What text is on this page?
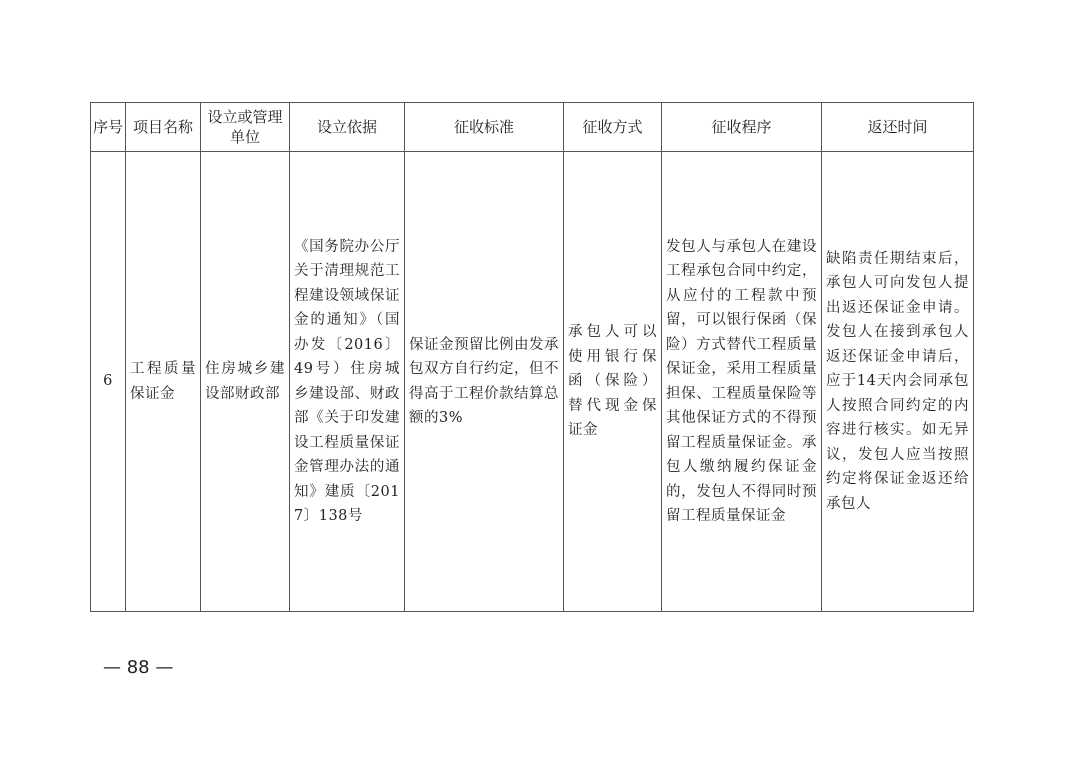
序号	项目名称	设立或管理单位	设立依据	征收标准	征收方式	征收程序	返还时间

6	工程质量保证金	住房城乡建设部财政部	《国务院办公厅关于清理规范工程建设领域保证金的通知》（国办发〔2016〕49号）住房城乡建设部、财政部《关于印发建设工程质量保证金管理办法的通知》建质〔2017〕138号	保证金预留比例由发承包双方自行约定，但不得高于工程价款结算总额的3%	承包人可以使用银行保函（保险）替代现金保证金	发包人与承包人在建设工程承包合同中约定，从应付的工程款中预留，可以银行保函（保险）方式替代工程质量保证金，采用工程质量担保、工程质量保险等其他保证方式的不得预留工程质量保证金。承包人缴纳履约保证金的，发包人不得同时预留工程质量保证金	缺陷责任期结束后，承包人可向发包人提出返还保证金申请。发包人在接到承包人返还保证金申请后，应于14天内会同承包人按照合同约定的内容进行核实。如无异议，发包人应当按照约定将保证金返还给承包人
— 88 —
